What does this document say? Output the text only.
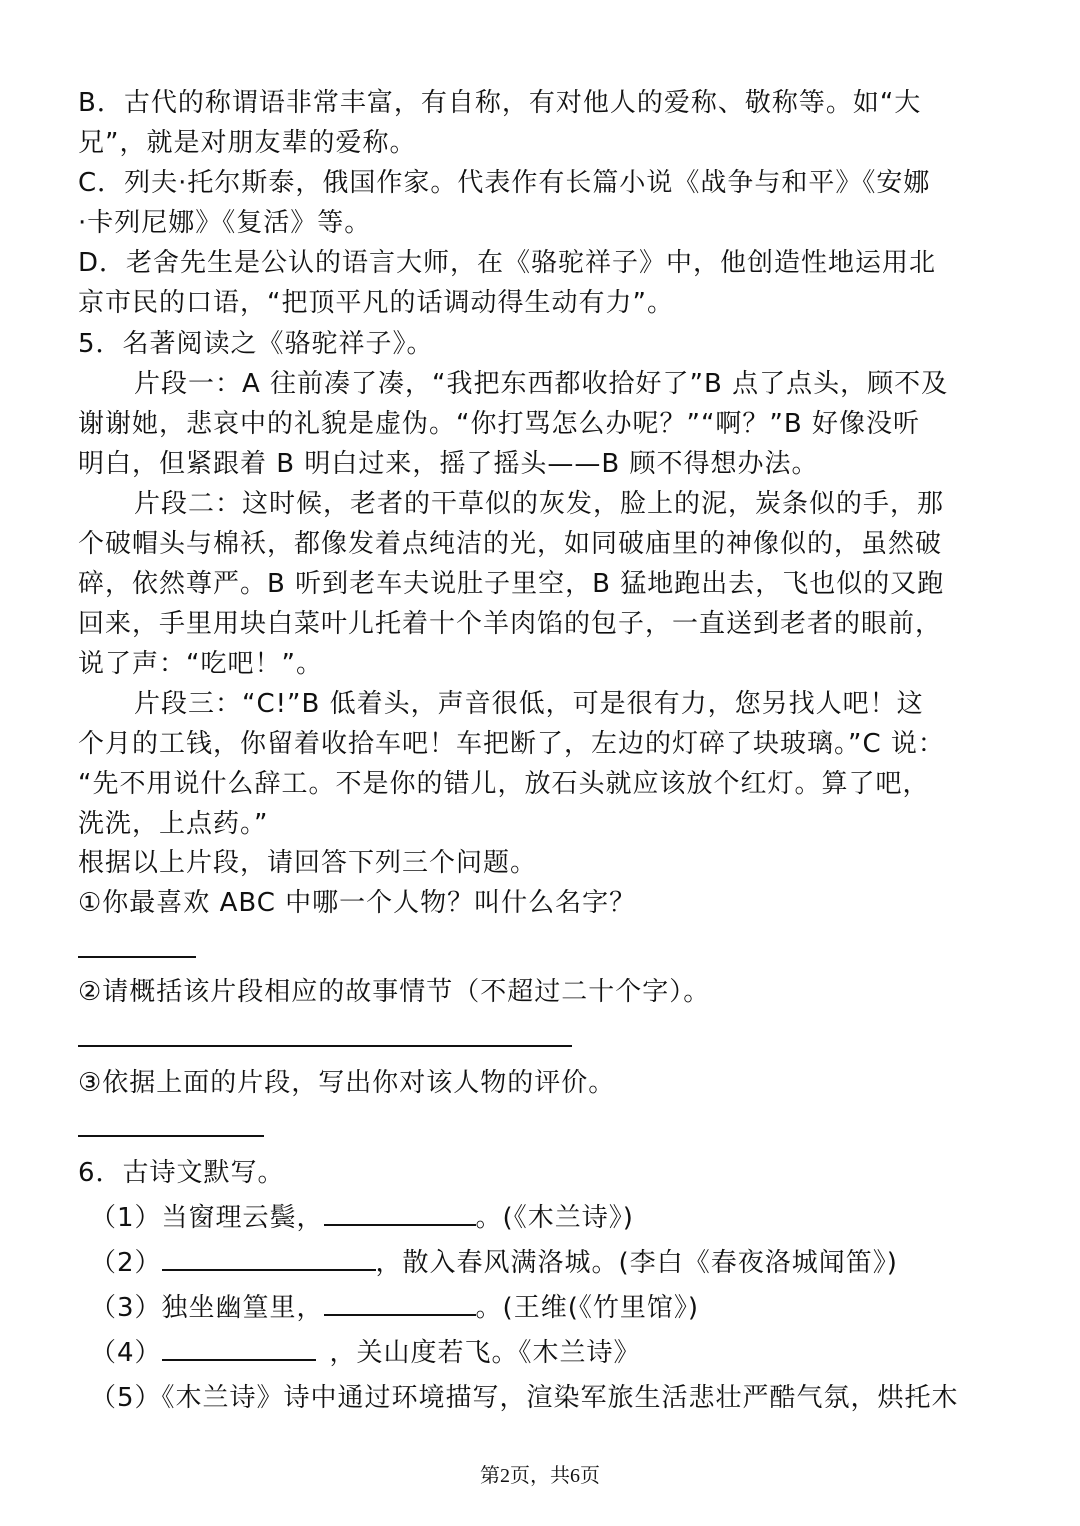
B．古代的称谓语非常丰富，有自称，有对他人的爱称、敬称等。如“大
兄”，就是对朋友辈的爱称。
C．列夫·托尔斯泰，俄国作家。代表作有长篇小说《战争与和平》《安娜
·卡列尼娜》《复活》等。
D．老舍先生是公认的语言大师，在《骆驼祥子》中，他创造性地运用北
京市民的口语，“把顶平凡的话调动得生动有力”。
5．名著阅读之《骆驼祥子》。
片段一：A 往前凑了凑，“我把东西都收拾好了”B 点了点头，顾不及
谢谢她，悲哀中的礼貌是虚伪。“你打骂怎么办呢？”“啊？”B 好像没听
明白，但紧跟着 B 明白过来，摇了摇头——B 顾不得想办法。
片段二：这时候，老者的干草似的灰发，脸上的泥，炭条似的手，那
个破帽头与棉袄，都像发着点纯洁的光，如同破庙里的神像似的，虽然破
碎，依然尊严。B 听到老车夫说肚子里空，B 猛地跑出去，飞也似的又跑
回来，手里用块白菜叶儿托着十个羊肉馅的包子，一直送到老者的眼前，
说了声：“吃吧！”。
片段三：“C!”B 低着头，声音很低，可是很有力，您另找人吧！这
个月的工钱，你留着收拾车吧！车把断了，左边的灯碎了块玻璃。”C 说：
“先不用说什么辞工。不是你的错儿，放石头就应该放个红灯。算了吧，
洗洗，上点药。”
根据以上片段，请回答下列三个问题。
①你最喜欢 ABC 中哪一个人物？叫什么名字？
②请概括该片段相应的故事情节（不超过二十个字）。
③依据上面的片段，写出你对该人物的评价。
6．古诗文默写。
（1）当窗理云鬓，	。(《木兰诗》)
（2）	，散入春风满洛城。(李白《春夜洛城闻笛》)
（3）独坐幽篁里，	。(王维(《竹里馆》)
（4）	，关山度若飞。《木兰诗》
（5）《木兰诗》诗中通过环境描写，渲染军旅生活悲壮严酷气氛，烘托木
第2页，共6页
